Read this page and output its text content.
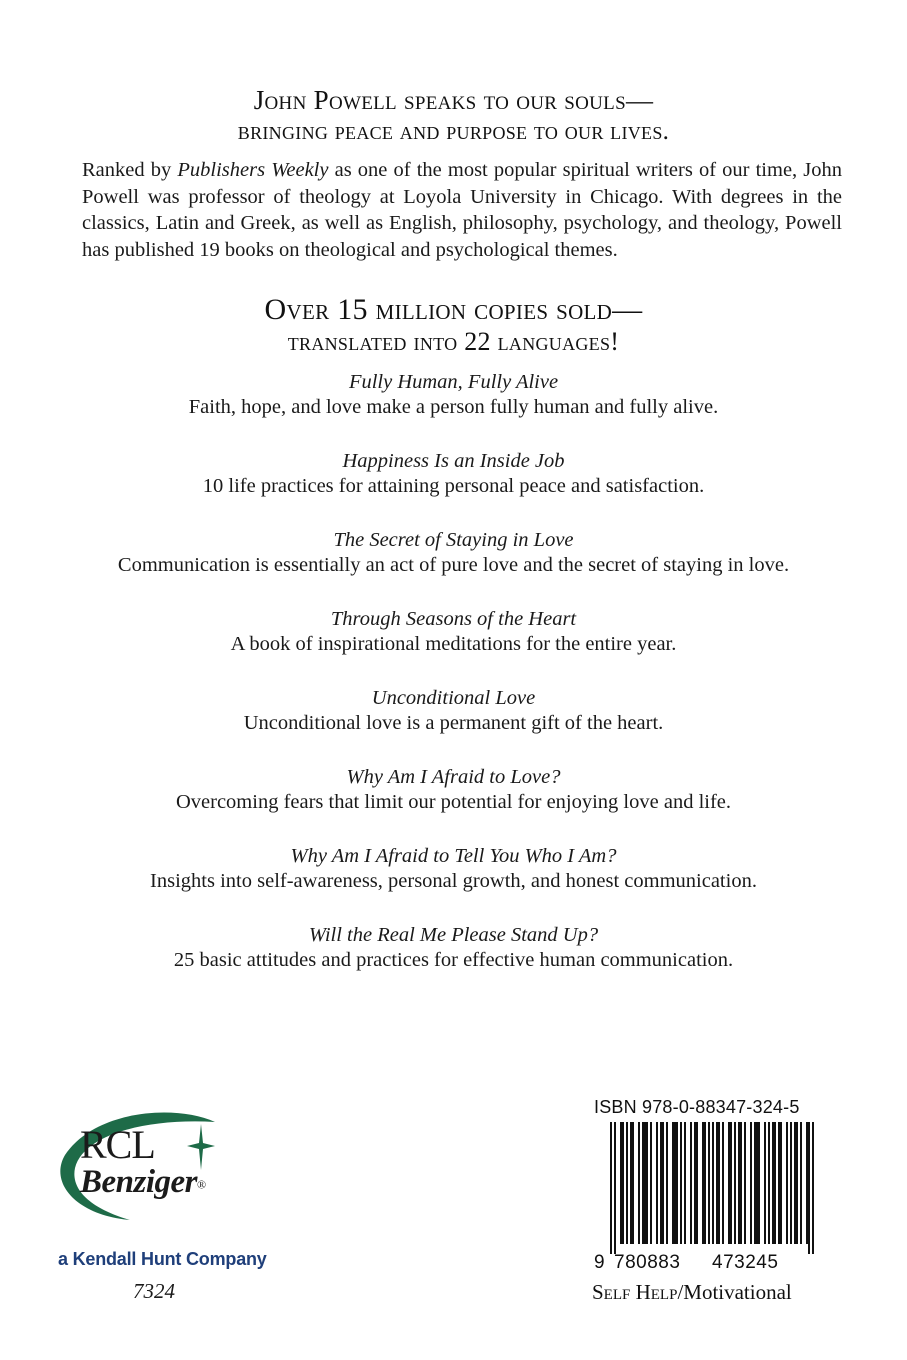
John Powell speaks to our souls—
bringing peace and purpose to our lives.
Ranked by Publishers Weekly as one of the most popular spiritual writers of our time, John Powell was professor of theology at Loyola University in Chicago. With degrees in the classics, Latin and Greek, as well as English, philosophy, psychology, and theology, Powell has published 19 books on theological and psychological themes.
Over 15 million copies sold—
translated into 22 languages!
Fully Human, Fully Alive
Faith, hope, and love make a person fully human and fully alive.
Happiness Is an Inside Job
10 life practices for attaining personal peace and satisfaction.
The Secret of Staying in Love
Communication is essentially an act of pure love and the secret of staying in love.
Through Seasons of the Heart
A book of inspirational meditations for the entire year.
Unconditional Love
Unconditional love is a permanent gift of the heart.
Why Am I Afraid to Love?
Overcoming fears that limit our potential for enjoying love and life.
Why Am I Afraid to Tell You Who I Am?
Insights into self-awareness, personal growth, and honest communication.
Will the Real Me Please Stand Up?
25 basic attitudes and practices for effective human communication.
RCL
Benziger®
a Kendall Hunt Company
7324
ISBN 978-0-88347-324-5
9 780883 473245
Self Help/Motivational
